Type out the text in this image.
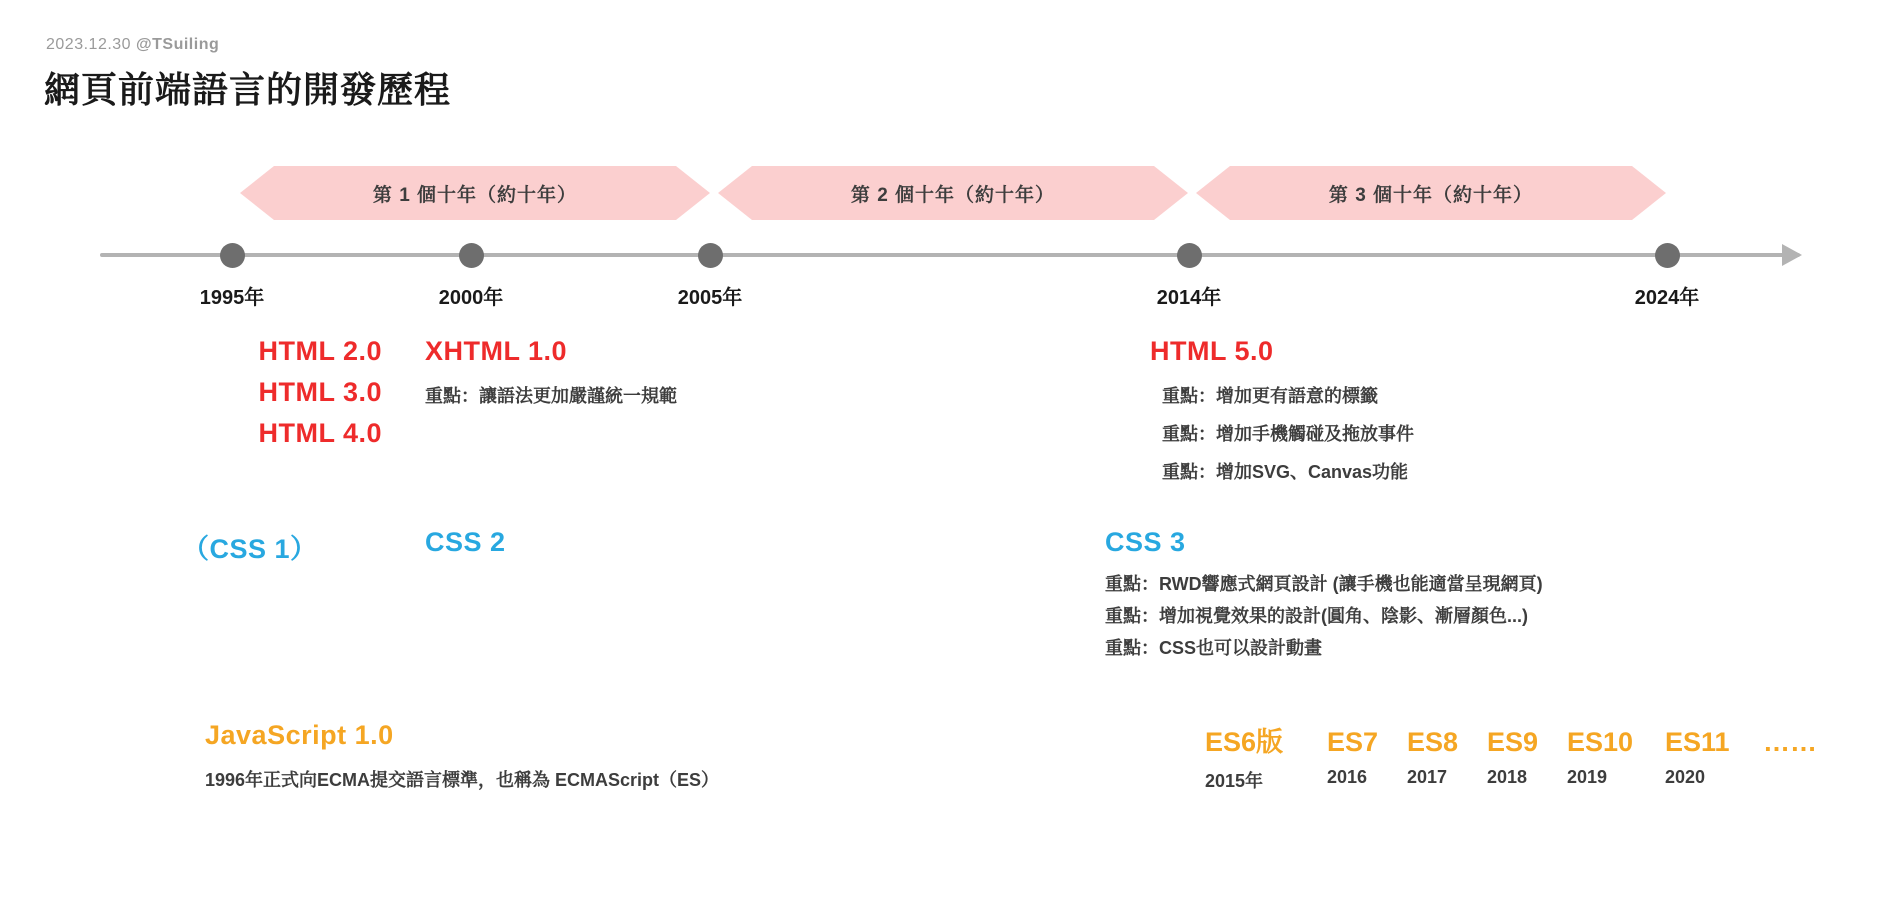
2023.12.30 @TSuiling
網頁前端語言的開發歷程
第 1 個十年（約十年）	第 2 個十年（約十年）	第 3 個十年（約十年）
1995年	2000年	2005年	2014年	2024年
HTML 2.0
HTML 3.0
HTML 4.0
XHTML 1.0
重點：讓語法更加嚴謹統一規範
HTML 5.0
重點：增加更有語意的標籤
重點：增加手機觸碰及拖放事件
重點：增加SVG、Canvas功能
（CSS 1）	CSS 2	CSS 3
重點：RWD響應式網頁設計 (讓手機也能適當呈現網頁)
重點：增加視覺效果的設計(圓角、陰影、漸層顏色...)
重點：CSS也可以設計動畫
JavaScript 1.0
1996年正式向ECMA提交語言標準，也稱為 ECMAScript（ES）
ES6版	ES7 ES8 ES9 ES10 ES11 ……
2015年	2016	2017	2018	2019	2020
